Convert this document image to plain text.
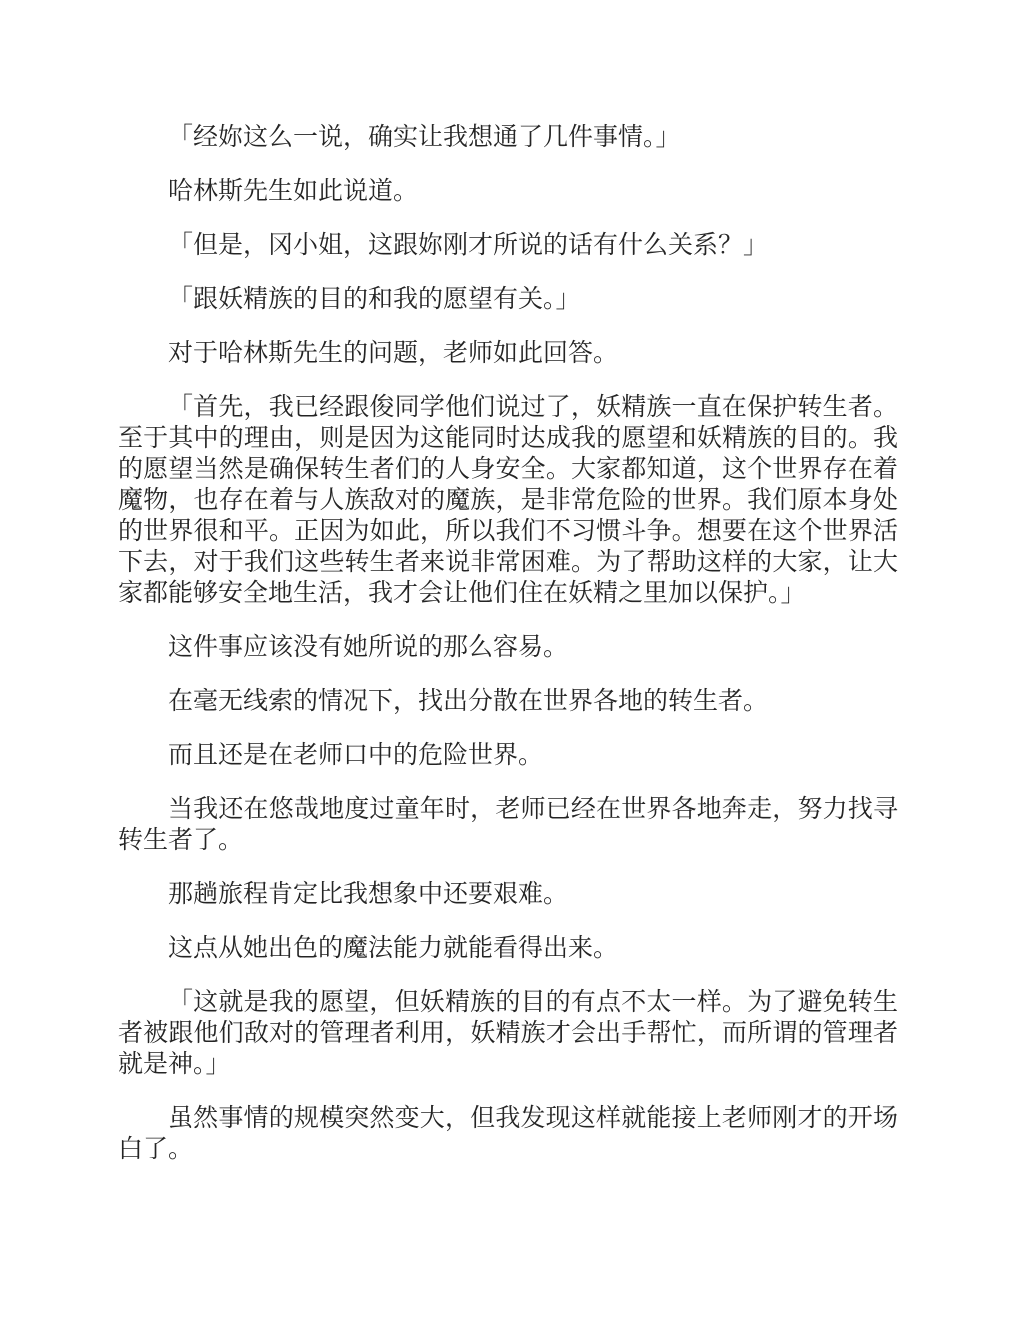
「经妳这么一说，确实让我想通了几件事情。」

哈林斯先生如此说道。

「但是，冈小姐，这跟妳刚才所说的话有什么关系？」

「跟妖精族的目的和我的愿望有关。」

对于哈林斯先生的问题，老师如此回答。

「首先，我已经跟俊同学他们说过了，妖精族一直在保护转生者。至于其中的理由，则是因为这能同时达成我的愿望和妖精族的目的。我的愿望当然是确保转生者们的人身安全。大家都知道，这个世界存在着魔物，也存在着与人族敌对的魔族，是非常危险的世界。我们原本身处的世界很和平。正因为如此，所以我们不习惯斗争。想要在这个世界活下去，对于我们这些转生者来说非常困难。为了帮助这样的大家，让大家都能够安全地生活，我才会让他们住在妖精之里加以保护。」

这件事应该没有她所说的那么容易。

在毫无线索的情况下，找出分散在世界各地的转生者。

而且还是在老师口中的危险世界。

当我还在悠哉地度过童年时，老师已经在世界各地奔走，努力找寻转生者了。

那趟旅程肯定比我想象中还要艰难。

这点从她出色的魔法能力就能看得出来。

「这就是我的愿望，但妖精族的目的有点不太一样。为了避免转生者被跟他们敌对的管理者利用，妖精族才会出手帮忙，而所谓的管理者就是神。」

虽然事情的规模突然变大，但我发现这样就能接上老师刚才的开场白了。
